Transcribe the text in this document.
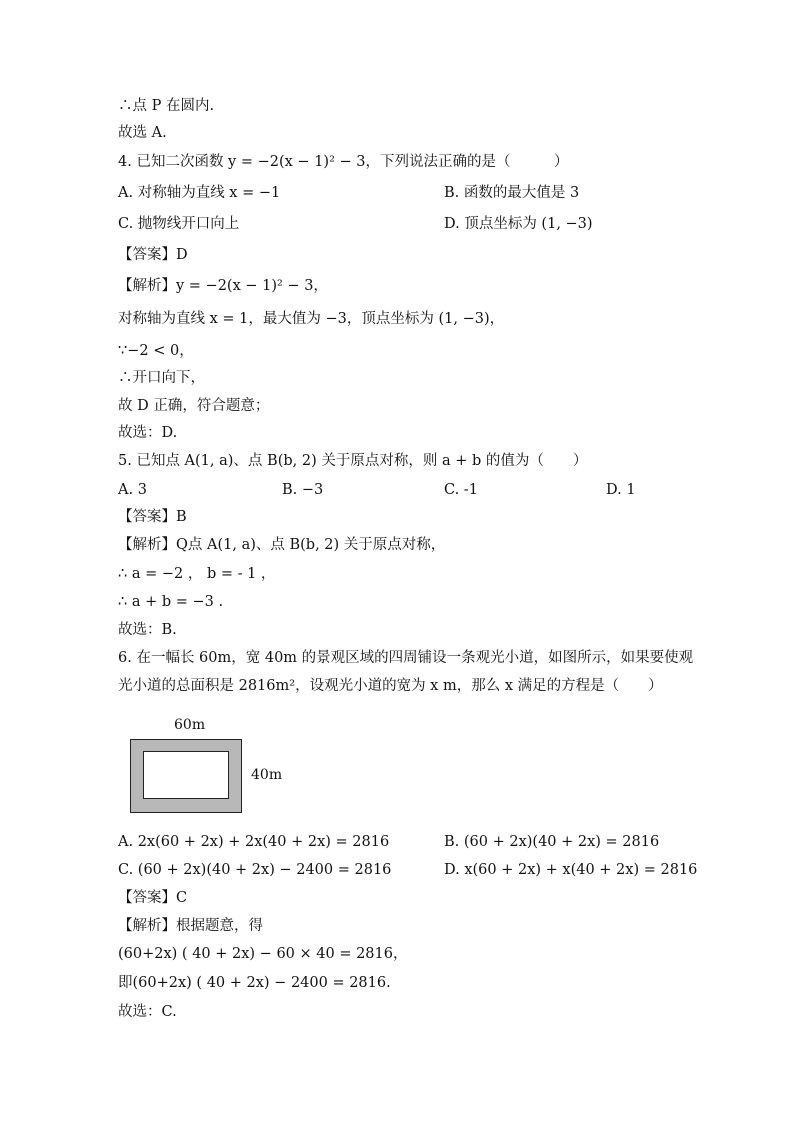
∴点 P 在圆内.
故选 A.
4. 已知二次函数 y = −2(x − 1)² − 3，下列说法正确的是（　　　）
A. 对称轴为直线 x = −1	B. 函数的最大值是 3
C. 抛物线开口向上	D. 顶点坐标为 (1, −3)
【答案】D
【解析】y = −2(x − 1)² − 3，
对称轴为直线 x = 1，最大值为 −3，顶点坐标为 (1, −3)，
∵−2 < 0，
∴开口向下，
故 D 正确，符合题意；
故选：D.
5. 已知点 A(1, a)、点 B(b, 2) 关于原点对称，则 a + b 的值为（　　）
A. 3	B. −3	C. -1	D. 1
【答案】B
【解析】Q点 A(1, a)、点 B(b, 2) 关于原点对称，
∴ a = −2 ， b = - 1 ，
∴ a + b = −3 .
故选：B.
6. 在一幅长 60m，宽 40m 的景观区域的四周铺设一条观光小道，如图所示，如果要使观
光小道的总面积是 2816m²，设观光小道的宽为 x m，那么 x 满足的方程是（　　）
60m
40m
A. 2x(60 + 2x) + 2x(40 + 2x) = 2816	B. (60 + 2x)(40 + 2x) = 2816
C. (60 + 2x)(40 + 2x) − 2400 = 2816	D. x(60 + 2x) + x(40 + 2x) = 2816
【答案】C
【解析】根据题意，得
(60+2x) ( 40 + 2x) − 60 × 40 = 2816，
即(60+2x) ( 40 + 2x) − 2400 = 2816.
故选：C.
